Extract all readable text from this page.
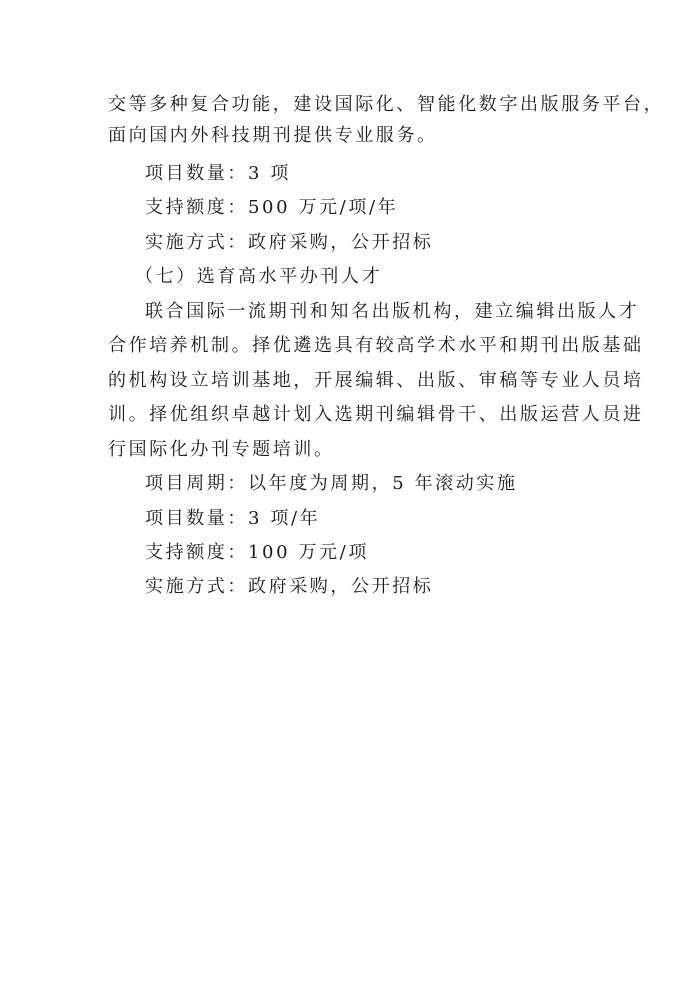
交等多种复合功能，建设国际化、智能化数字出版服务平台，
面向国内外科技期刊提供专业服务。
项目数量：3 项
支持额度：500 万元/项/年
实施方式：政府采购，公开招标
（七）选育高水平办刊人才
联合国际一流期刊和知名出版机构，建立编辑出版人才
合作培养机制。择优遴选具有较高学术水平和期刊出版基础
的机构设立培训基地，开展编辑、出版、审稿等专业人员培
训。择优组织卓越计划入选期刊编辑骨干、出版运营人员进
行国际化办刊专题培训。
项目周期：以年度为周期，5 年滚动实施
项目数量：3 项/年
支持额度：100 万元/项
实施方式：政府采购，公开招标
